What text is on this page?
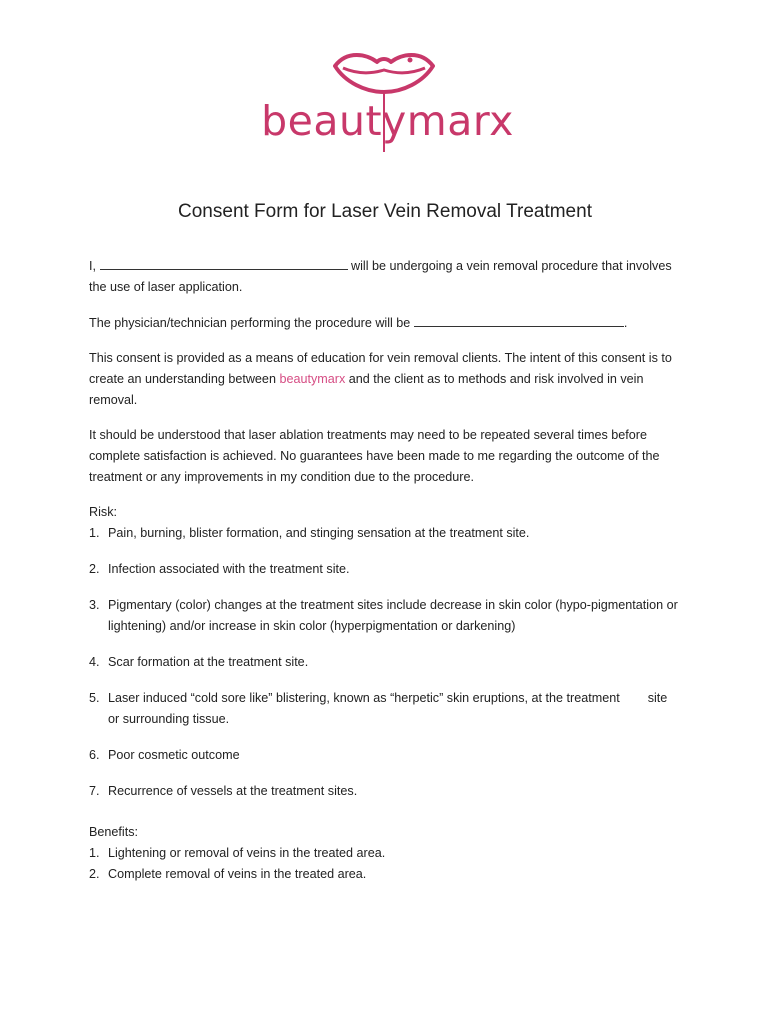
beautymarx
Consent Form for Laser Vein Removal Treatment

I,	will be undergoing a vein removal procedure that involves the use of laser application.

The physician/technician performing the procedure will be	.

This consent is provided as a means of education for vein removal clients. The intent of this consent is to create an understanding between beautymarx and the client as to methods and risk involved in vein removal.

It should be understood that laser ablation treatments may need to be repeated several times before complete satisfaction is achieved. No guarantees have been made to me regarding the outcome of the treatment or any improvements in my condition due to the procedure.

Risk:
1. Pain, burning, blister formation, and stinging sensation at the treatment site.
2. Infection associated with the treatment site.
3. Pigmentary (color) changes at the treatment sites include decrease in skin color (hypo-pigmentation or lightening) and/or increase in skin color (hyperpigmentation or darkening)
4. Scar formation at the treatment site.
5. Laser induced “cold sore like” blistering, known as “herpetic” skin eruptions, at the treatment site or surrounding tissue.
6. Poor cosmetic outcome
7. Recurrence of vessels at the treatment sites.
Benefits:
1. Lightening or removal of veins in the treated area.
2. Complete removal of veins in the treated area.
